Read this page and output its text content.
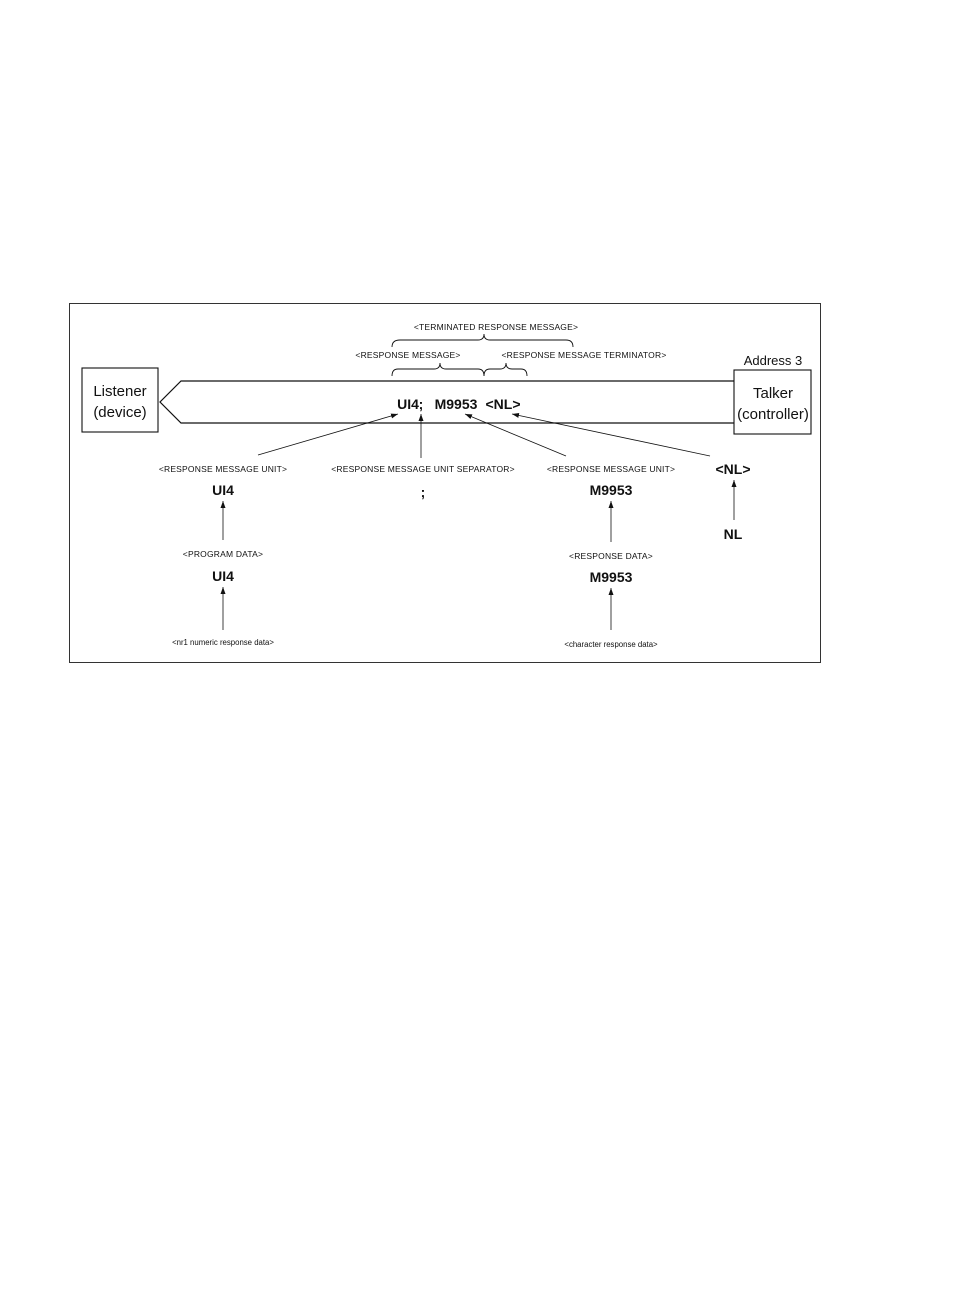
<TERMINATED RESPONSE MESSAGE>
<RESPONSE MESSAGE>	<RESPONSE MESSAGE TERMINATOR>	Address 3
Listener
(device)
Talker
(controller)
UI4 ; M9953 <NL>
<RESPONSE MESSAGE UNIT>
UI4
<RESPONSE MESSAGE UNIT SEPARATOR>
;
<RESPONSE MESSAGE UNIT>
M9953
<NL>
NL
<PROGRAM DATA>
UI4
<RESPONSE DATA>
M9953
<nr1 numeric response data>	<character response data>
